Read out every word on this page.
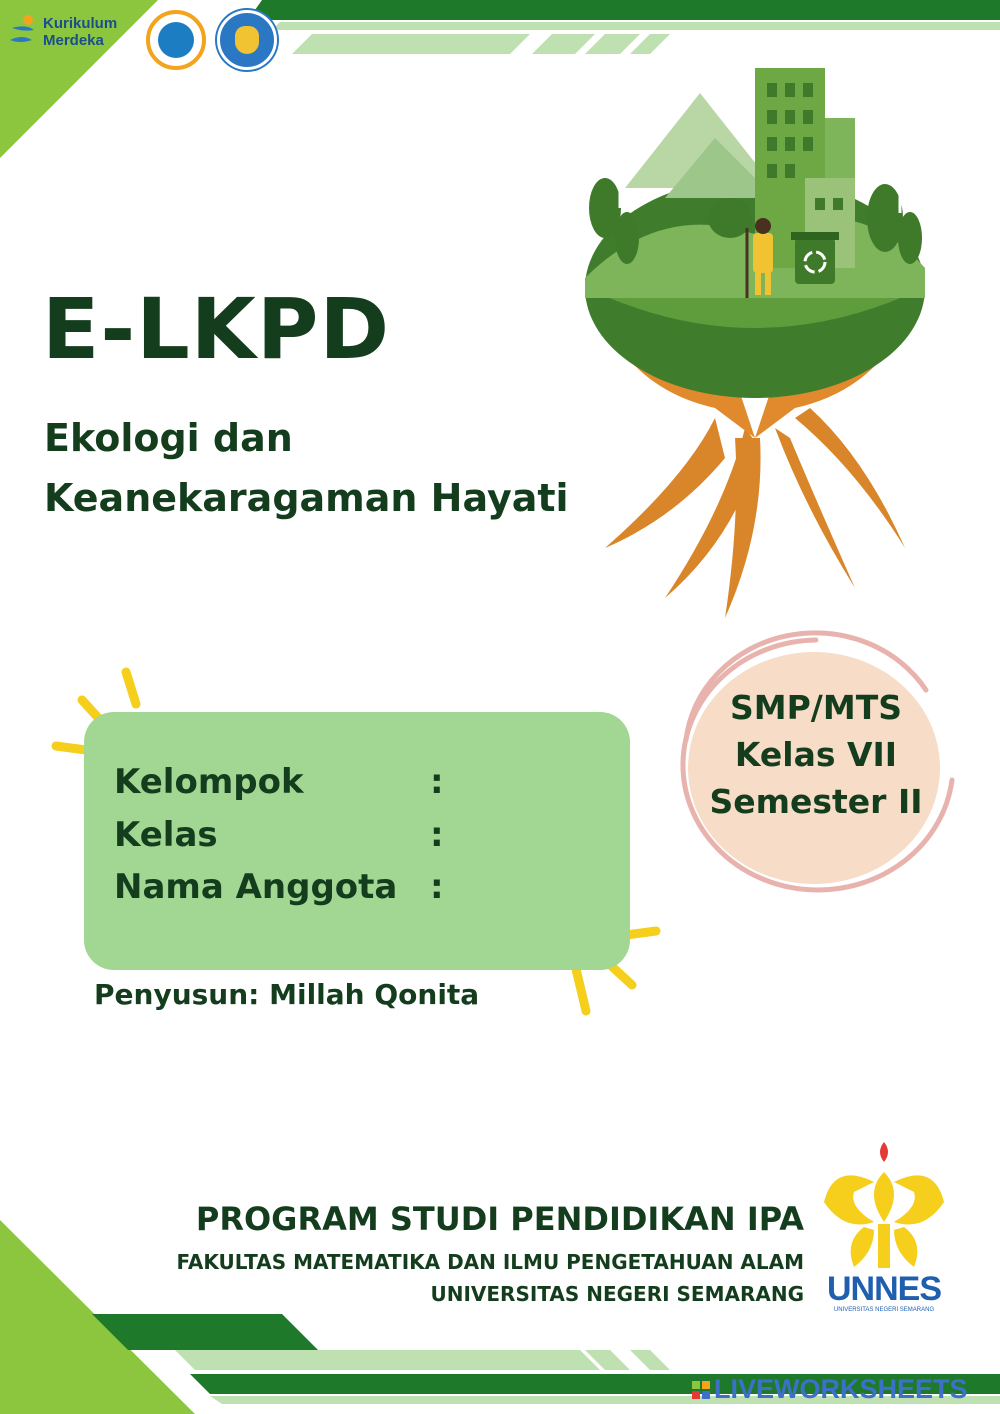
Kurikulum
Merdeka
E-LKPD
Ekologi dan
Keanekaragaman Hayati
Kelompok	:
Kelas	:
Nama Anggota :
Penyusun: Millah Qonita
SMP/MTS
Kelas VII
Semester II
PROGRAM STUDI PENDIDIKAN IPA
FAKULTAS MATEMATIKA DAN ILMU PENGETAHUAN ALAM
UNIVERSITAS NEGERI SEMARANG UNNES
UNIVERSITAS NEGERI SEMARANG
LIVEWORKSHEETS
